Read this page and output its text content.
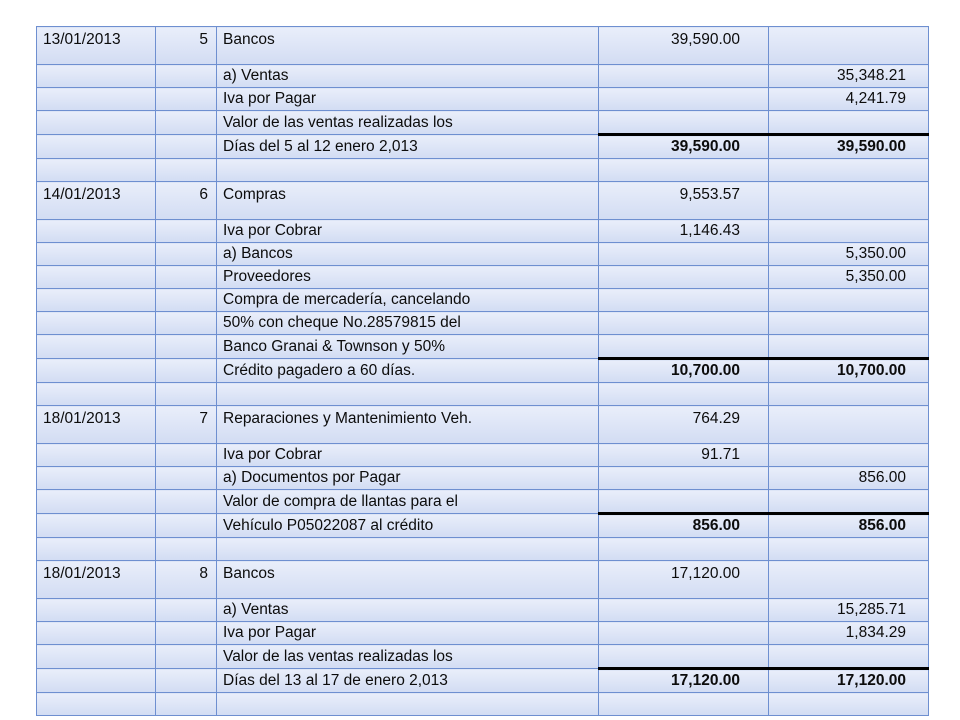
13/01/2013	5	Bancos	39,590.00	
		a) Ventas		35,348.21
		Iva por Pagar		4,241.79
		Valor de las ventas realizadas los		
		Días del 5 al 12 enero 2,013	39,590.00	39,590.00

14/01/2013	6	Compras	9,553.57	
		Iva por Cobrar	1,146.43	
		a) Bancos		5,350.00
		Proveedores		5,350.00
		Compra de mercadería, cancelando		
		50% con cheque No.28579815 del		
		Banco Granai & Townson y 50%		
		Crédito pagadero a 60 días.	10,700.00	10,700.00

18/01/2013	7	Reparaciones y Mantenimiento Veh.	764.29	
		Iva por Cobrar	91.71	
		a) Documentos por Pagar		856.00
		Valor de compra de llantas para el		
		Vehículo P05022087 al crédito	856.00	856.00

18/01/2013	8	Bancos	17,120.00	
		a) Ventas		15,285.71
		Iva por Pagar		1,834.29
		Valor de las ventas realizadas los		
		Días del 13 al 17 de enero 2,013	17,120.00	17,120.00
